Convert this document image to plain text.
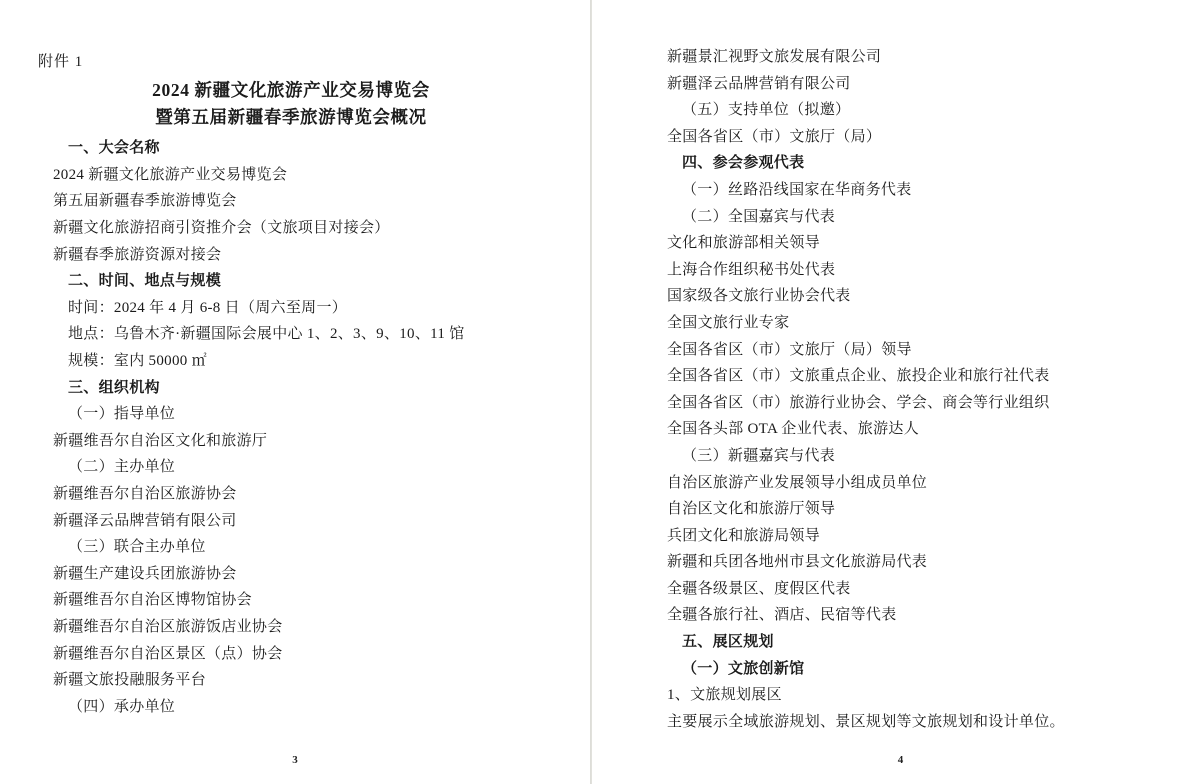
附件 1
2024 新疆文化旅游产业交易博览会
暨第五届新疆春季旅游博览会概况

一、大会名称

2024 新疆文化旅游产业交易博览会

第五届新疆春季旅游博览会

新疆文化旅游招商引资推介会（文旅项目对接会）

新疆春季旅游资源对接会

二、时间、地点与规模

时间：2024 年 4 月 6-8 日（周六至周一）

地点：乌鲁木齐·新疆国际会展中心 1、2、3、9、10、11 馆

规模：室内 50000 ㎡

三、组织机构

（一）指导单位

新疆维吾尔自治区文化和旅游厅

（二）主办单位

新疆维吾尔自治区旅游协会

新疆泽云品牌营销有限公司

（三）联合主办单位

新疆生产建设兵团旅游协会

新疆维吾尔自治区博物馆协会

新疆维吾尔自治区旅游饭店业协会

新疆维吾尔自治区景区（点）协会

新疆文旅投融服务平台

（四）承办单位

3

新疆景汇视野文旅发展有限公司

新疆泽云品牌营销有限公司

（五）支持单位（拟邀）

全国各省区（市）文旅厅（局）

四、参会参观代表

（一）丝路沿线国家在华商务代表

（二）全国嘉宾与代表

文化和旅游部相关领导

上海合作组织秘书处代表

国家级各文旅行业协会代表

全国文旅行业专家

全国各省区（市）文旅厅（局）领导

全国各省区（市）文旅重点企业、旅投企业和旅行社代表

全国各省区（市）旅游行业协会、学会、商会等行业组织

全国各头部 OTA 企业代表、旅游达人

（三）新疆嘉宾与代表

自治区旅游产业发展领导小组成员单位

自治区文化和旅游厅领导

兵团文化和旅游局领导

新疆和兵团各地州市县文化旅游局代表

全疆各级景区、度假区代表

全疆各旅行社、酒店、民宿等代表

五、展区规划

（一）文旅创新馆

1、文旅规划展区

主要展示全域旅游规划、景区规划等文旅规划和设计单位。

4
